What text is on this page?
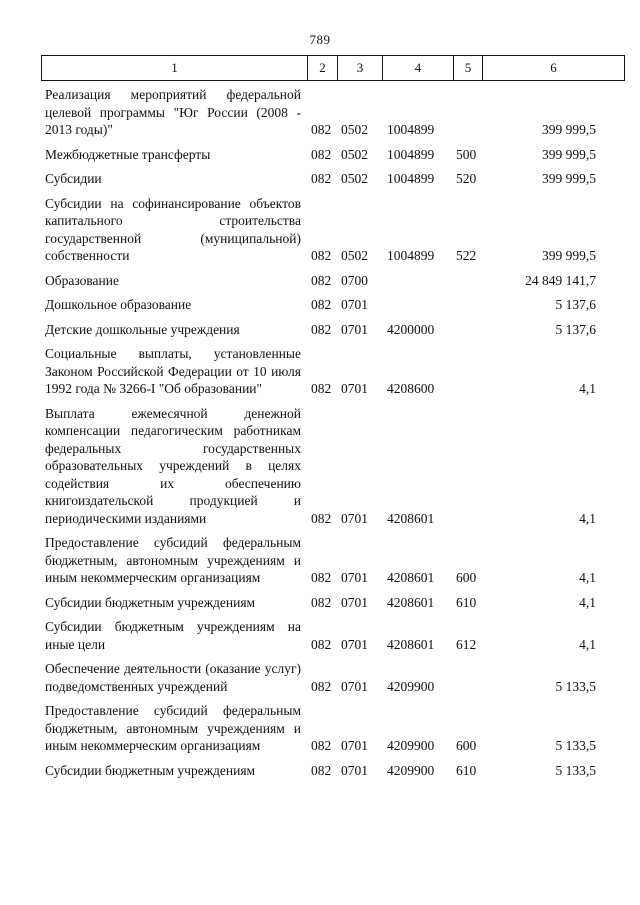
789
1	2	3	4	5	6
Реализация мероприятий федеральной целевой программы "Юг России (2008 - 2013 годы)"	082	0502	1004899		399 999,5

Межбюджетные трансферты	082	0502	1004899	500	399 999,5

Субсидии	082	0502	1004899	520	399 999,5

Субсидии на софинансирование объектов капитального строительства государственной (муниципальной) собственности	082	0502	1004899	522	399 999,5

Образование	082	0700			24 849 141,7

Дошкольное образование	082	0701			5 137,6

Детские дошкольные учреждения	082	0701	4200000		5 137,6

Социальные выплаты, установленные Законом Российской Федерации от 10 июля 1992 года № 3266-I "Об образовании"	082	0701	4208600		4,1

Выплата ежемесячной денежной компенсации педагогическим работникам федеральных государственных образовательных учреждений в целях содействия их обеспечению книгоиздательской продукцией и периодическими изданиями	082	0701	4208601		4,1

Предоставление субсидий федеральным бюджетным, автономным учреждениям и иным некоммерческим организациям	082	0701	4208601	600	4,1

Субсидии бюджетным учреждениям	082	0701	4208601	610	4,1

Субсидии бюджетным учреждениям на иные цели	082	0701	4208601	612	4,1

Обеспечение деятельности (оказание услуг) подведомственных учреждений	082	0701	4209900		5 133,5

Предоставление субсидий федеральным бюджетным, автономным учреждениям и иным некоммерческим организациям	082	0701	4209900	600	5 133,5

Субсидии бюджетным учреждениям	082	0701	4209900	610	5 133,5
